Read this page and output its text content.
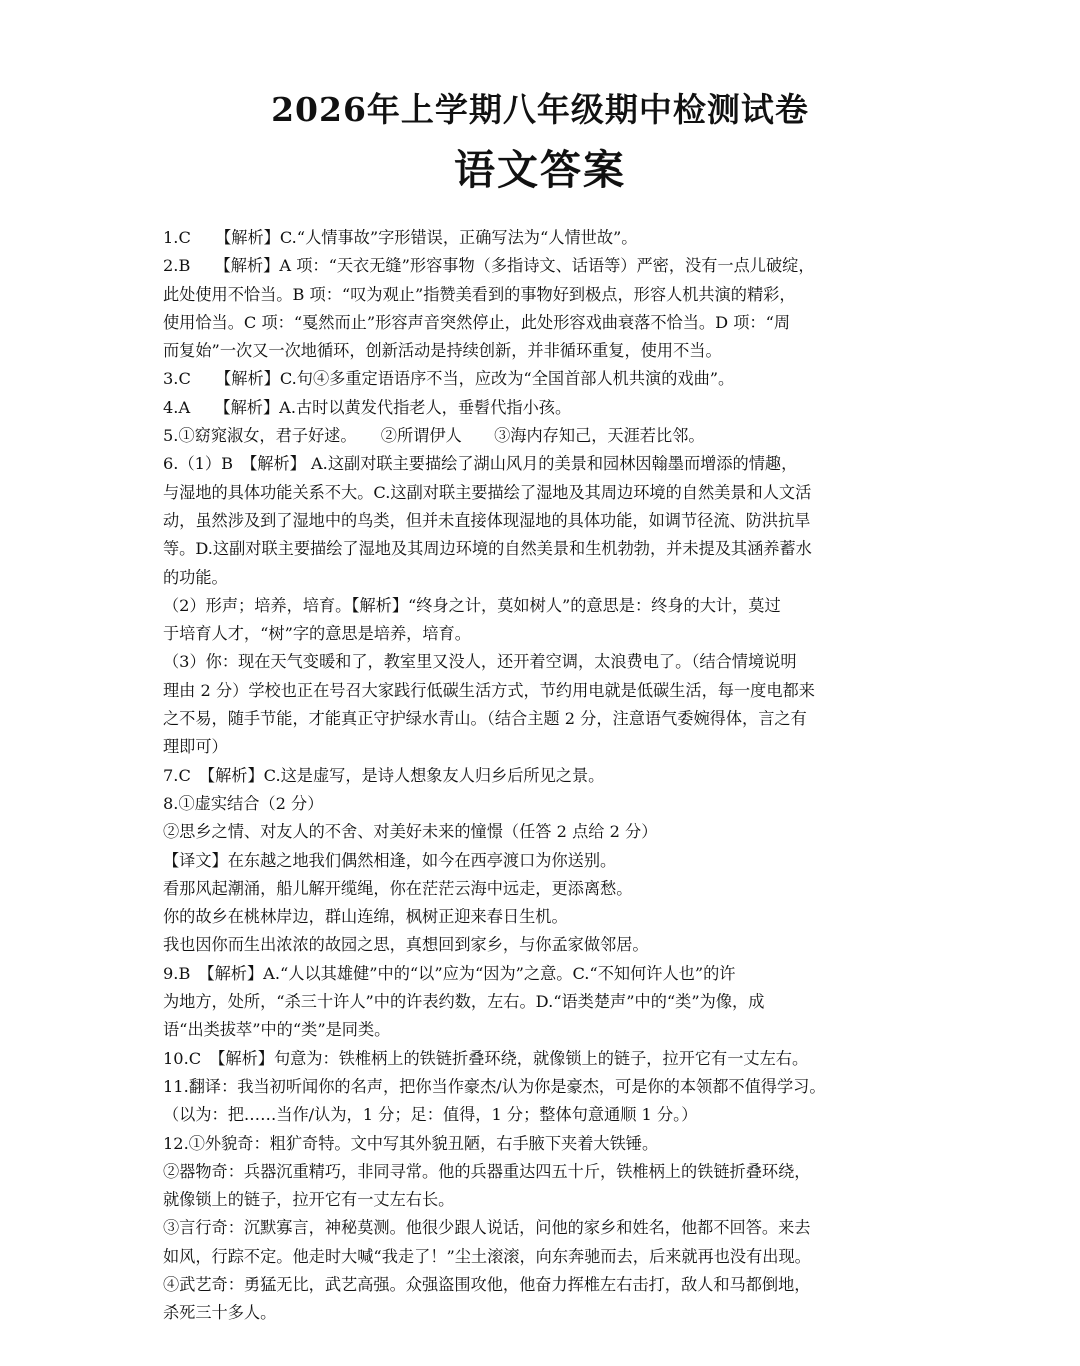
2026年上学期八年级期中检测试卷
语文答案
1.C　　【解析】C.“人情事故”字形错误，正确写法为“人情世故”。
2.B　　【解析】A 项：“天衣无缝”形容事物（多指诗文、话语等）严密，没有一点儿破绽，
此处使用不恰当。B 项：“叹为观止”指赞美看到的事物好到极点，形容人机共演的精彩，
使用恰当。C 项：“戛然而止”形容声音突然停止，此处形容戏曲衰落不恰当。D 项：“周
而复始”一次又一次地循环，创新活动是持续创新，并非循环重复，使用不当。
3.C　　【解析】C.句④多重定语语序不当，应改为“全国首部人机共演的戏曲”。
4.A　　【解析】A.古时以黄发代指老人，垂髫代指小孩。
5.①窈窕淑女，君子好逑。　　②所谓伊人　　③海内存知己，天涯若比邻。
6.（1）B　【解析】 A.这副对联主要描绘了湖山风月的美景和园林因翰墨而增添的情趣，
与湿地的具体功能关系不大。C.这副对联主要描绘了湿地及其周边环境的自然美景和人文活
动，虽然涉及到了湿地中的鸟类，但并未直接体现湿地的具体功能，如调节径流、防洪抗旱
等。D.这副对联主要描绘了湿地及其周边环境的自然美景和生机勃勃，并未提及其涵养蓄水
的功能。
（2）形声；培养，培育。【解析】“终身之计，莫如树人”的意思是：终身的大计，莫过
于培育人才，“树”字的意思是培养，培育。
（3）你：现在天气变暖和了，教室里又没人，还开着空调，太浪费电了。（结合情境说明
理由 2 分）学校也正在号召大家践行低碳生活方式，节约用电就是低碳生活，每一度电都来
之不易，随手节能，才能真正守护绿水青山。（结合主题 2 分，注意语气委婉得体，言之有
理即可）
7.C　【解析】C.这是虚写，是诗人想象友人归乡后所见之景。
8.①虚实结合（2 分）
②思乡之情、对友人的不舍、对美好未来的憧憬（任答 2 点给 2 分）
【译文】在东越之地我们偶然相逢，如今在西亭渡口为你送别。
看那风起潮涌，船儿解开缆绳，你在茫茫云海中远走，更添离愁。
你的故乡在桃林岸边，群山连绵，枫树正迎来春日生机。
我也因你而生出浓浓的故园之思，真想回到家乡，与你孟家做邻居。
9.B　【解析】A.“人以其雄健”中的“以”应为“因为”之意。C.“不知何许人也”的许
为地方，处所，“杀三十许人”中的许表约数，左右。D.“语类楚声”中的“类”为像，成
语“出类拔萃”中的“类”是同类。
10.C　【解析】句意为：铁椎柄上的铁链折叠环绕，就像锁上的链子，拉开它有一丈左右。
11.翻译：我当初听闻你的名声，把你当作豪杰/认为你是豪杰，可是你的本领都不值得学习。
（以为：把……当作/认为，1 分；足：值得，1 分；整体句意通顺 1 分。）
12.①外貌奇：粗犷奇特。文中写其外貌丑陋，右手腋下夹着大铁锤。
②器物奇：兵器沉重精巧，非同寻常。他的兵器重达四五十斤，铁椎柄上的铁链折叠环绕，
就像锁上的链子，拉开它有一丈左右长。
③言行奇：沉默寡言，神秘莫测。他很少跟人说话，问他的家乡和姓名，他都不回答。来去
如风，行踪不定。他走时大喊“我走了！”尘土滚滚，向东奔驰而去，后来就再也没有出现。
④武艺奇：勇猛无比，武艺高强。众强盗围攻他，他奋力挥椎左右击打，敌人和马都倒地，
杀死三十多人。
